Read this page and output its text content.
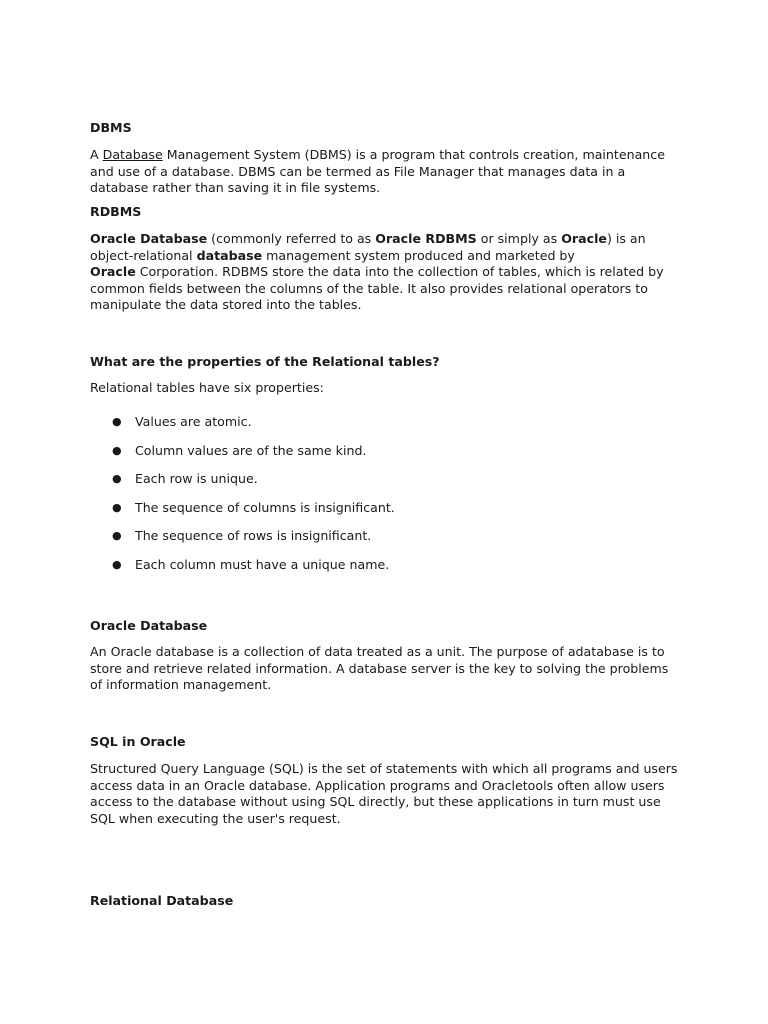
DBMS

A Database Management System (DBMS) is a program that controls creation, maintenance and use of a database. DBMS can be termed as File Manager that manages data in a database rather than saving it in file systems.

RDBMS

Oracle Database (commonly referred to as Oracle RDBMS or simply as Oracle) is an object-relational database management system produced and marketed by
Oracle Corporation. RDBMS store the data into the collection of tables, which is related by common fields between the columns of the table. It also provides relational operators to manipulate the data stored into the tables.

What are the properties of the Relational tables?
Relational tables have six properties:
● Values are atomic.
● Column values are of the same kind.
● Each row is unique.
● The sequence of columns is insignificant.
● The sequence of rows is insignificant.
● Each column must have a unique name.
Oracle Database
An Oracle database is a collection of data treated as a unit. The purpose of adatabase is to store and retrieve related information. A database server is the key to solving the problems of information management.
SQL in Oracle
Structured Query Language (SQL) is the set of statements with which all programs and users access data in an Oracle database. Application programs and Oracletools often allow users access to the database without using SQL directly, but these applications in turn must use SQL when executing the user's request.
Relational Database
